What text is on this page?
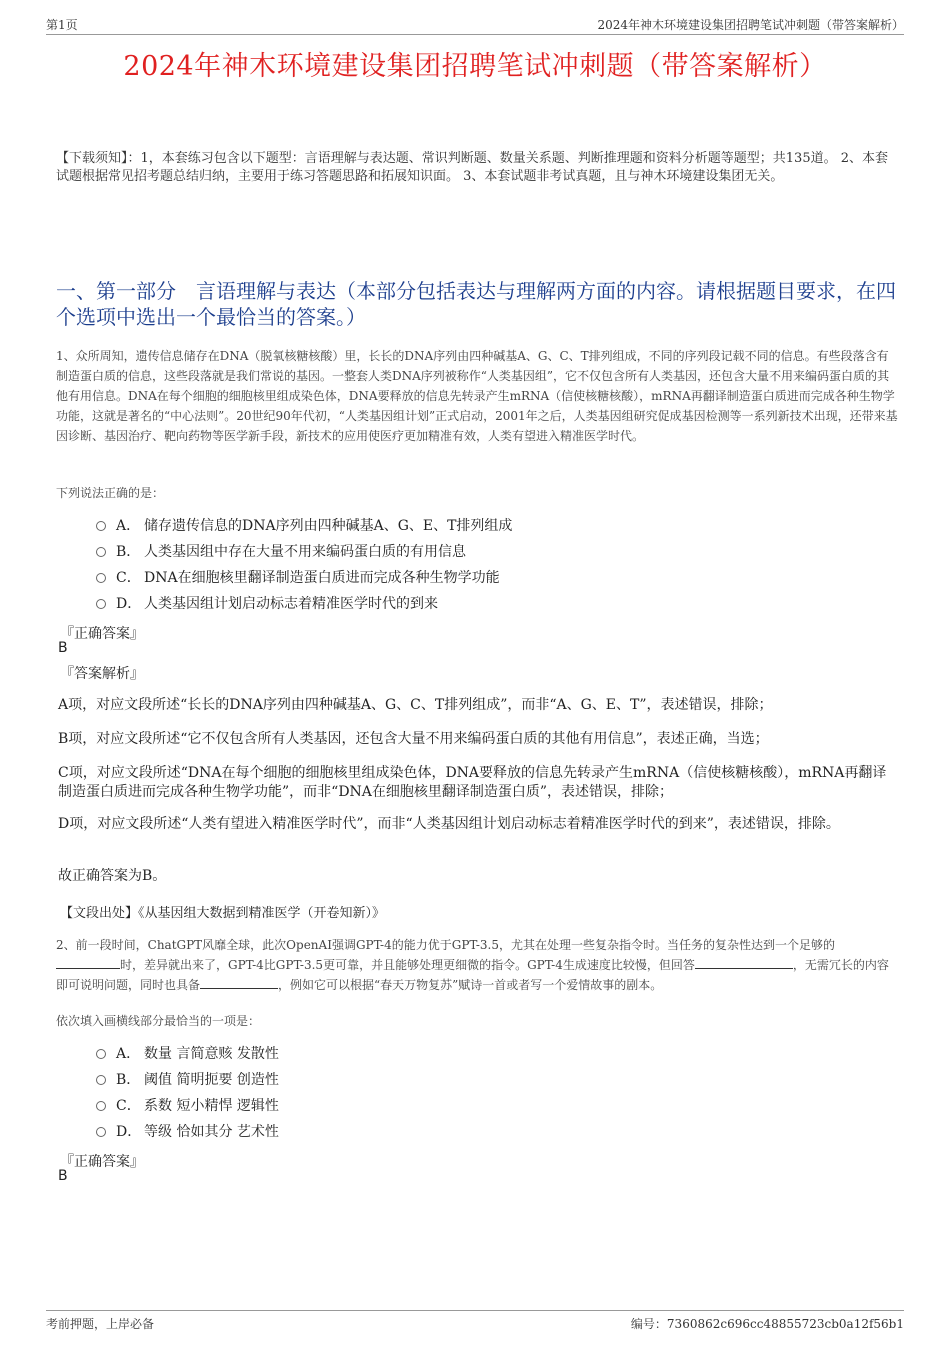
第1页	2024年神木环境建设集团招聘笔试冲刺题（带答案解析）
2024年神木环境建设集团招聘笔试冲刺题（带答案解析）
【下载须知】：1，本套练习包含以下题型：言语理解与表达题、常识判断题、数量关系题、判断推理题和资料分析题等题型；共135道。 2、本套试题根据常见招考题总结归纳，主要用于练习答题思路和拓展知识面。 3、本套试题非考试真题，且与神木环境建设集团无关。
一、第一部分　言语理解与表达（本部分包括表达与理解两方面的内容。请根据题目要求，在四个选项中选出一个最恰当的答案。）
1、众所周知，遗传信息储存在DNA（脱氧核糖核酸）里，长长的DNA序列由四种碱基A、G、C、T排列组成，不同的序列段记载不同的信息。有些段落含有制造蛋白质的信息，这些段落就是我们常说的基因。一整套人类DNA序列被称作“人类基因组”，它不仅包含所有人类基因，还包含大量不用来编码蛋白质的其他有用信息。DNA在每个细胞的细胞核里组成染色体，DNA要释放的信息先转录产生mRNA（信使核糖核酸），mRNA再翻译制造蛋白质进而完成各种生物学功能，这就是著名的“中心法则”。20世纪90年代初，“人类基因组计划”正式启动，2001年之后，人类基因组研究促成基因检测等一系列新技术出现，还带来基因诊断、基因治疗、靶向药物等医学新手段，新技术的应用使医疗更加精准有效，人类有望进入精准医学时代。
下列说法正确的是：
A． 储存遗传信息的DNA序列由四种碱基A、G、E、T排列组成
B． 人类基因组中存在大量不用来编码蛋白质的有用信息
C． DNA在细胞核里翻译制造蛋白质进而完成各种生物学功能
D． 人类基因组计划启动标志着精准医学时代的到来
『正确答案』
B
『答案解析』
A项，对应文段所述“长长的DNA序列由四种碱基A、G、C、T排列组成”，而非“A、G、E、T”，表述错误，排除；
B项，对应文段所述“它不仅包含所有人类基因，还包含大量不用来编码蛋白质的其他有用信息”，表述正确，当选；
C项，对应文段所述“DNA在每个细胞的细胞核里组成染色体，DNA要释放的信息先转录产生mRNA（信使核糖核酸），mRNA再翻译制造蛋白质进而完成各种生物学功能”，而非“DNA在细胞核里翻译制造蛋白质”，表述错误，排除；
D项，对应文段所述“人类有望进入精准医学时代”，而非“人类基因组计划启动标志着精准医学时代的到来”，表述错误，排除。
故正确答案为B。
【文段出处】《从基因组大数据到精准医学（开卷知新）》
2、前一段时间，ChatGPT风靡全球，此次OpenAI强调GPT-4的能力优于GPT-3.5，尤其在处理一些复杂指令时。当任务的复杂性达到一个足够的时，差异就出来了，GPT-4比GPT-3.5更可靠，并且能够处理更细微的指令。GPT-4生成速度比较慢，但回答	，无需冗长的内容即可说明问题，同时也具备	，例如它可以根据“春天万物复苏”赋诗一首或者写一个爱情故事的剧本。
依次填入画横线部分最恰当的一项是：
A． 数量 言简意赅 发散性
B． 阈值 简明扼要 创造性
C． 系数 短小精悍 逻辑性
D． 等级 恰如其分 艺术性
『正确答案』
B
考前押题，上岸必备	编号：7360862c696cc48855723cb0a12f56b1
